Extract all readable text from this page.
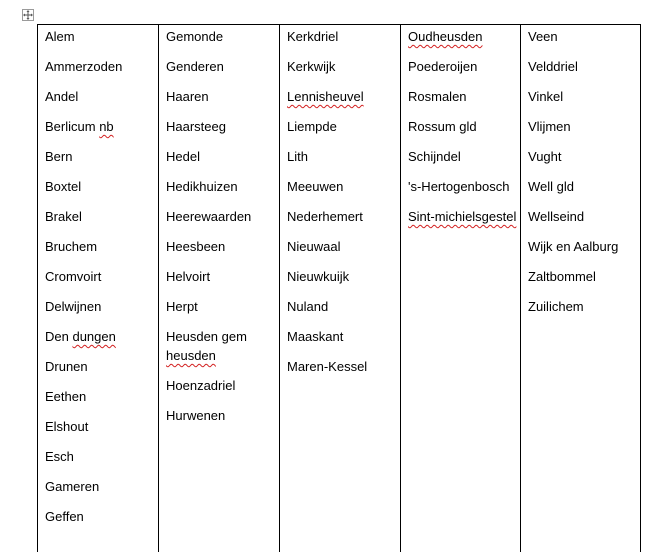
Alem
Ammerzoden
Andel
Berlicum nb
Bern
Boxtel
Brakel
Bruchem
Cromvoirt
Delwijnen
Den dungen
Drunen
Eethen
Elshout
Esch
Gameren
Geffen
Gemonde
Genderen
Haaren
Haarsteeg
Hedel
Hedikhuizen
Heerewaarden
Heesbeen
Helvoirt
Herpt
Heusden gem heusden
Hoenzadriel
Hurwenen
Kerkdriel
Kerkwijk
Lennisheuvel
Liempde
Lith
Meeuwen
Nederhemert
Nieuwaal
Nieuwkuijk
Nuland
Maaskant
Maren-Kessel
Oudheusden
Poederoijen
Rosmalen
Rossum gld
Schijndel
's-Hertogenbosch
Sint-michielsgestel
Veen
Velddriel
Vinkel
Vlijmen
Vught
Well gld
Wellseind
Wijk en Aalburg
Zaltbommel
Zuilichem
